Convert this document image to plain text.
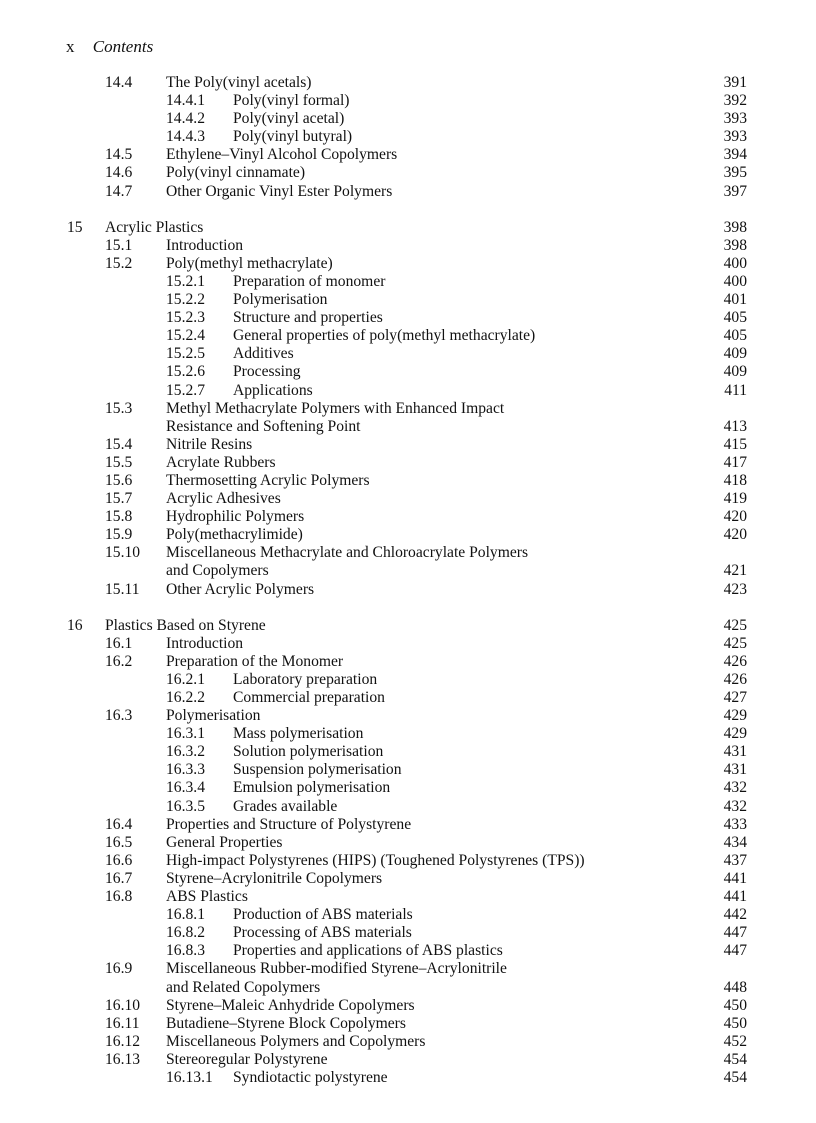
x Contents
14.4 The Poly(vinyl acetals)	391
14.4.1 Poly(vinyl formal)	392
14.4.2 Poly(vinyl acetal)	393
14.4.3 Poly(vinyl butyral)	393
14.5 Ethylene–Vinyl Alcohol Copolymers	394
14.6 Poly(vinyl cinnamate)	395
14.7 Other Organic Vinyl Ester Polymers	397
15 Acrylic Plastics	398
15.1 Introduction	398
15.2 Poly(methyl methacrylate)	400
15.2.1 Preparation of monomer	400
15.2.2 Polymerisation	401
15.2.3 Structure and properties	405
15.2.4 General properties of poly(methyl methacrylate)	405
15.2.5 Additives	409
15.2.6 Processing	409
15.2.7 Applications	411
15.3 Methyl Methacrylate Polymers with Enhanced Impact
Resistance and Softening Point	413
15.4 Nitrile Resins	415
15.5 Acrylate Rubbers	417
15.6 Thermosetting Acrylic Polymers	418
15.7 Acrylic Adhesives	419
15.8 Hydrophilic Polymers	420
15.9 Poly(methacrylimide)	420
15.10 Miscellaneous Methacrylate and Chloroacrylate Polymers
and Copolymers	421
15.11 Other Acrylic Polymers	423
16 Plastics Based on Styrene	425
16.1 Introduction	425
16.2 Preparation of the Monomer	426
16.2.1 Laboratory preparation	426
16.2.2 Commercial preparation	427
16.3 Polymerisation	429
16.3.1 Mass polymerisation	429
16.3.2 Solution polymerisation	431
16.3.3 Suspension polymerisation	431
16.3.4 Emulsion polymerisation	432
16.3.5 Grades available	432
16.4 Properties and Structure of Polystyrene	433
16.5 General Properties	434
16.6 High-impact Polystyrenes (HIPS) (Toughened Polystyrenes (TPS))	437
16.7 Styrene–Acrylonitrile Copolymers	441
16.8 ABS Plastics	441
16.8.1 Production of ABS materials	442
16.8.2 Processing of ABS materials	447
16.8.3 Properties and applications of ABS plastics	447
16.9 Miscellaneous Rubber-modified Styrene–Acrylonitrile
and Related Copolymers	448
16.10 Styrene–Maleic Anhydride Copolymers	450
16.11 Butadiene–Styrene Block Copolymers	450
16.12 Miscellaneous Polymers and Copolymers	452
16.13 Stereoregular Polystyrene	454
16.13.1 Syndiotactic polystyrene	454
